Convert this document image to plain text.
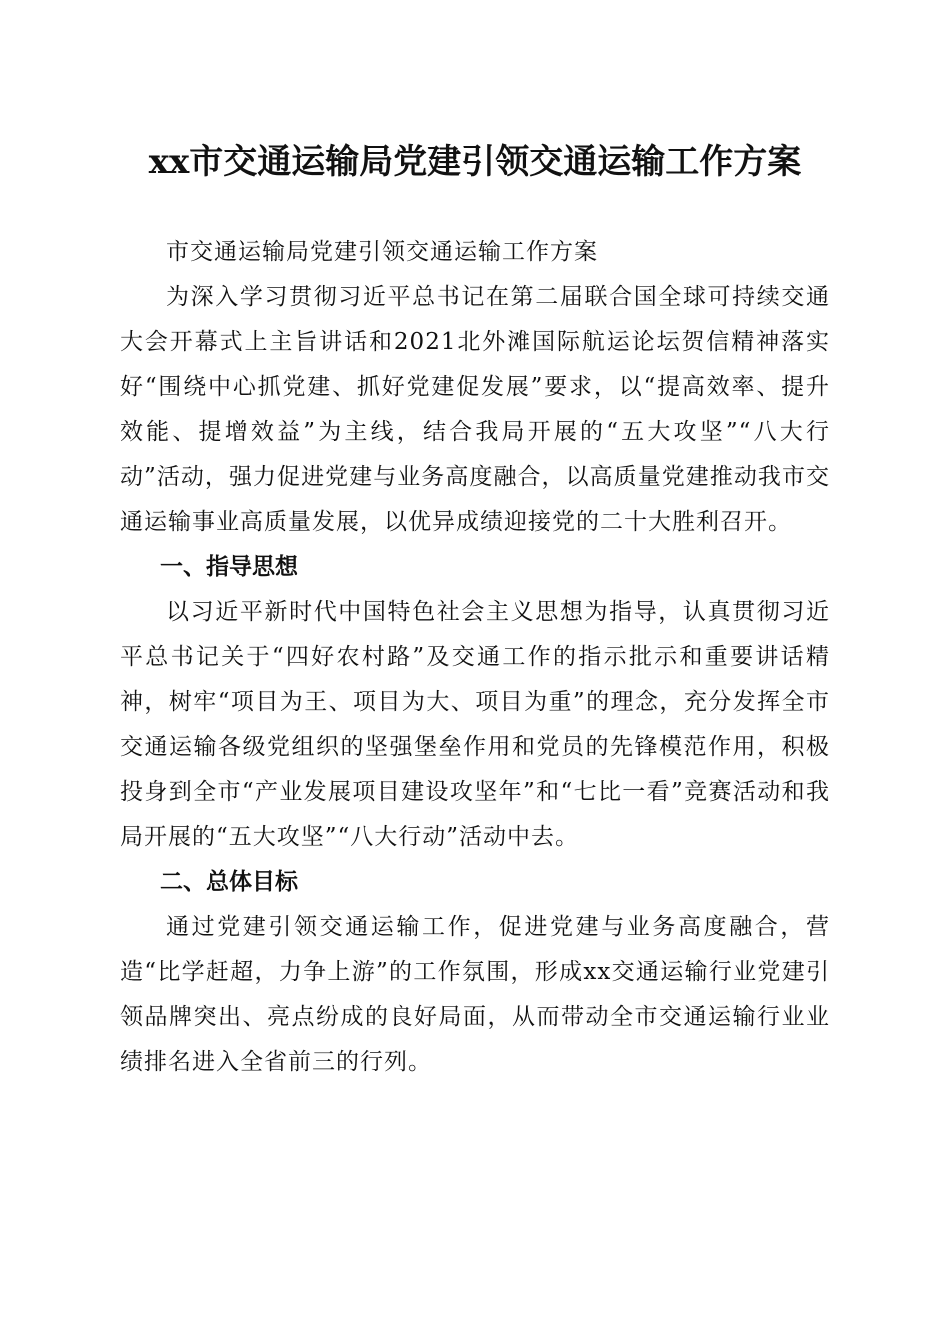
xx市交通运输局党建引领交通运输工作方案

市交通运输局党建引领交通运输工作方案

为深入学习贯彻习近平总书记在第二届联合国全球可持续交通大会开幕式上主旨讲话和2021北外滩国际航运论坛贺信精神落实好“围绕中心抓党建、抓好党建促发展”要求，以“提高效率、提升效能、提增效益”为主线，结合我局开展的“五大攻坚”“八大行动”活动，强力促进党建与业务高度融合，以高质量党建推动我市交通运输事业高质量发展，以优异成绩迎接党的二十大胜利召开。

一、指导思想

以习近平新时代中国特色社会主义思想为指导，认真贯彻习近平总书记关于“四好农村路”及交通工作的指示批示和重要讲话精神，树牢“项目为王、项目为大、项目为重”的理念，充分发挥全市交通运输各级党组织的坚强堡垒作用和党员的先锋模范作用，积极投身到全市“产业发展项目建设攻坚年”和“七比一看”竞赛活动和我局开展的“五大攻坚”“八大行动”活动中去。

二、总体目标

通过党建引领交通运输工作，促进党建与业务高度融合，营造“比学赶超，力争上游”的工作氛围，形成xx交通运输行业党建引领品牌突出、亮点纷成的良好局面，从而带动全市交通运输行业业绩排名进入全省前三的行列。
